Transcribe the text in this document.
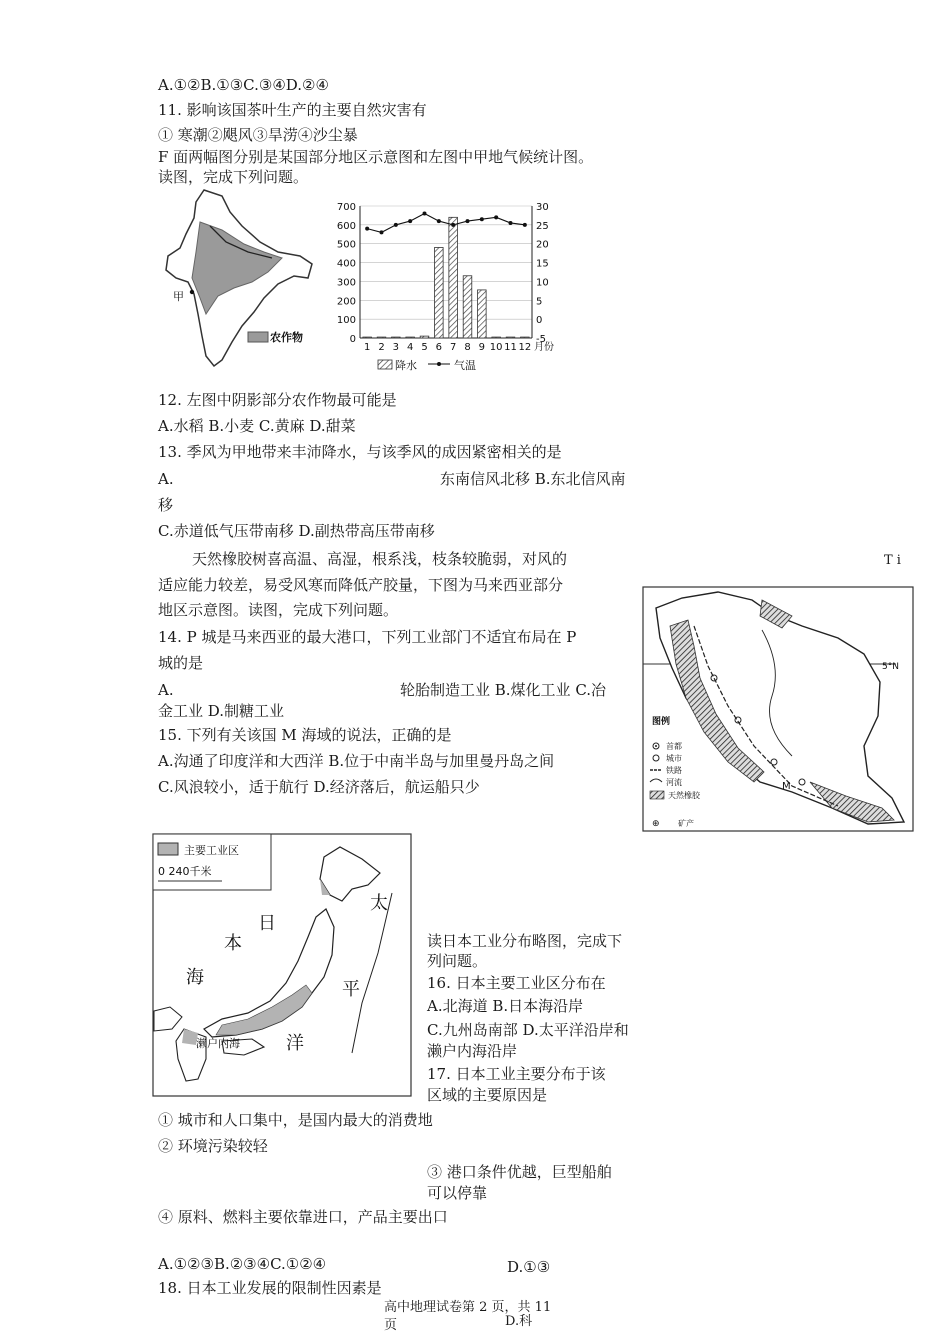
A.①②B.①③C.③④D.②④
11. 影响该国茶叶生产的主要自然灾害有
① 寒潮②飓风③旱涝④沙尘暴
F 面两幅图分别是某国部分地区示意图和左图中甲地气候统计图。
读图，完成下列问题。
甲
农作物	0
100
200
300
400
500
600
700
-5
0
5
10
15
20
25
30
1 2 3 4 5 6 7 8 9 10 11 12 月份
降水	气温
12. 左图中阴影部分农作物最可能是
A.水稻 B.小麦 C.黄麻 D.甜菜
13. 季风为甲地带来丰沛降水，与该季风的成因紧密相关的是
A.	东南信风北移 B.东北信风南
移
C.赤道低气压带南移 D.副热带高压带南移
天然橡胶树喜高温、高湿，根系浅，枝条较脆弱，对风的
适应能力较差，易受风寒而降低产胶量，下图为马来西亚部分
地区示意图。读图，完成下列问题。
T i
14. P 城是马来西亚的最大港口，下列工业部门不适宜布局在 P
城的是
A.	轮胎制造工业 B.煤化工业 C.冶
金工业 D.制糖工业
15. 下列有关该国 M 海域的说法，正确的是
A.沟通了印度洋和大西洋 B.位于中南半岛与加里曼丹岛之间
C.风浪较小，适于航行 D.经济落后，航运船只少
5°N
图例
首都
城市
铁路
河流
天然橡胶
⊕ 矿产
M
主要工业区
0 240千米
日
本
海
太
平
洋
濑户内海
读日本工业分布略图，完成下
列问题。
16. 日本主要工业区分布在
A.北海道 B.日本海沿岸
C.九州岛南部 D.太平洋沿岸和
濑户内海沿岸
17. 日本工业主要分布于该
区域的主要原因是
① 城市和人口集中，是国内最大的消费地
② 环境污染较轻
③ 港口条件优越，巨型船舶
可以停靠
④ 原料、燃料主要依靠进口，产品主要出口
A.①②③B.②③④C.①②④	D.①③
18. 日本工业发展的限制性因素是
高中地理试卷第 2 页，共 11
页	D.科
